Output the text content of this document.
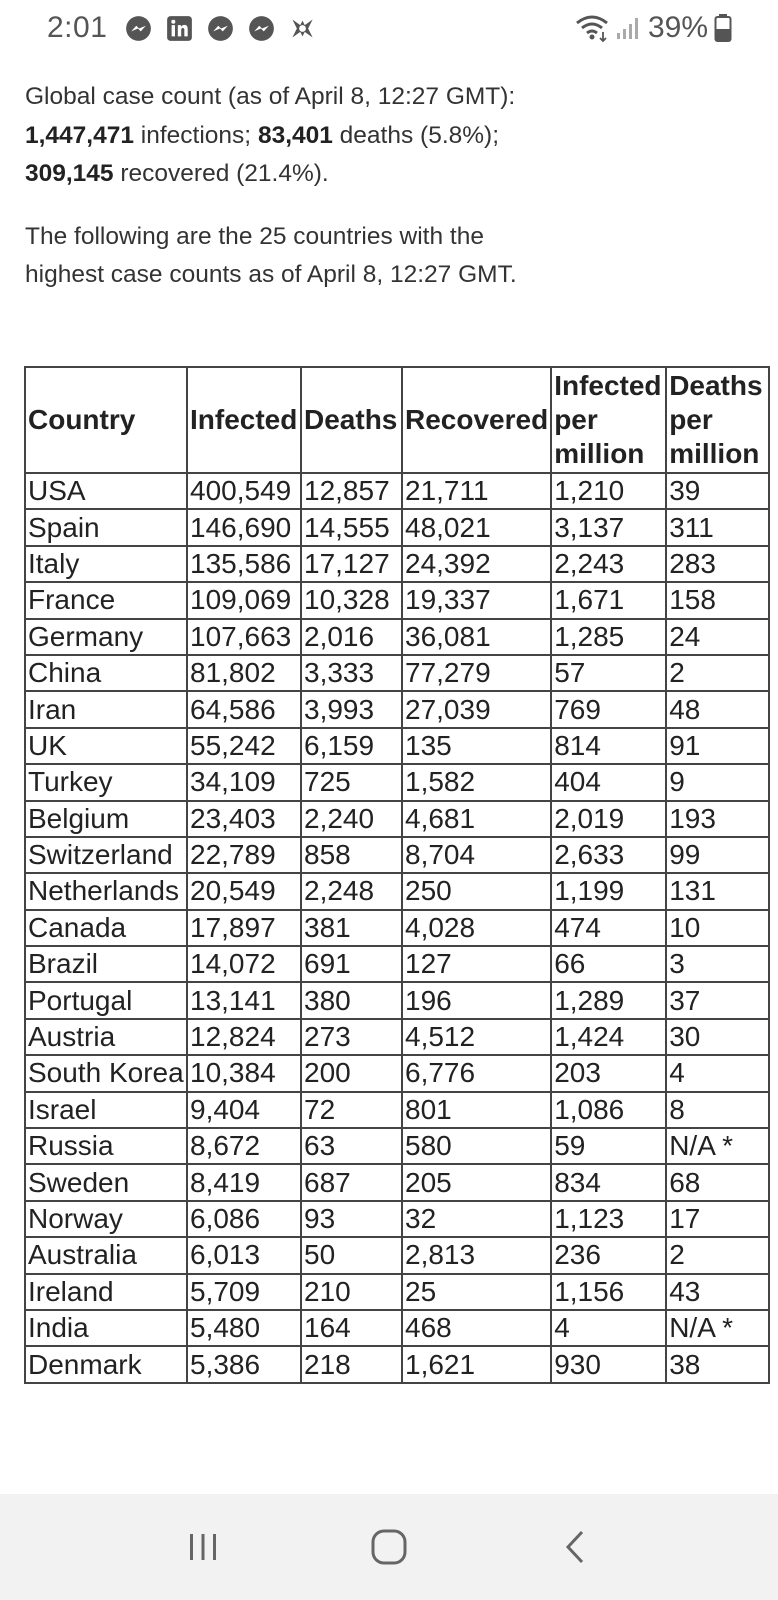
2:01	39%

Global case count (as of April 8, 12:27 GMT): 1,447,471 infections; 83,401 deaths (5.8%); 309,145 recovered (21.4%).

The following are the 25 countries with the highest case counts as of April 8, 12:27 GMT.

Country	Infected	Deaths	Recovered	Infected per million	Deaths per million
USA	400,549	12,857	21,711	1,210	39
Spain	146,690	14,555	48,021	3,137	311
Italy	135,586	17,127	24,392	2,243	283
France	109,069	10,328	19,337	1,671	158
Germany	107,663	2,016	36,081	1,285	24
China	81,802	3,333	77,279	57	2
Iran	64,586	3,993	27,039	769	48
UK	55,242	6,159	135	814	91
Turkey	34,109	725	1,582	404	9
Belgium	23,403	2,240	4,681	2,019	193
Switzerland	22,789	858	8,704	2,633	99
Netherlands	20,549	2,248	250	1,199	131
Canada	17,897	381	4,028	474	10
Brazil	14,072	691	127	66	3
Portugal	13,141	380	196	1,289	37
Austria	12,824	273	4,512	1,424	30
South Korea	10,384	200	6,776	203	4
Israel	9,404	72	801	1,086	8
Russia	8,672	63	580	59	N/A *
Sweden	8,419	687	205	834	68
Norway	6,086	93	32	1,123	17
Australia	6,013	50	2,813	236	2
Ireland	5,709	210	25	1,156	43
India	5,480	164	468	4	N/A *
Denmark	5,386	218	1,621	930	38
